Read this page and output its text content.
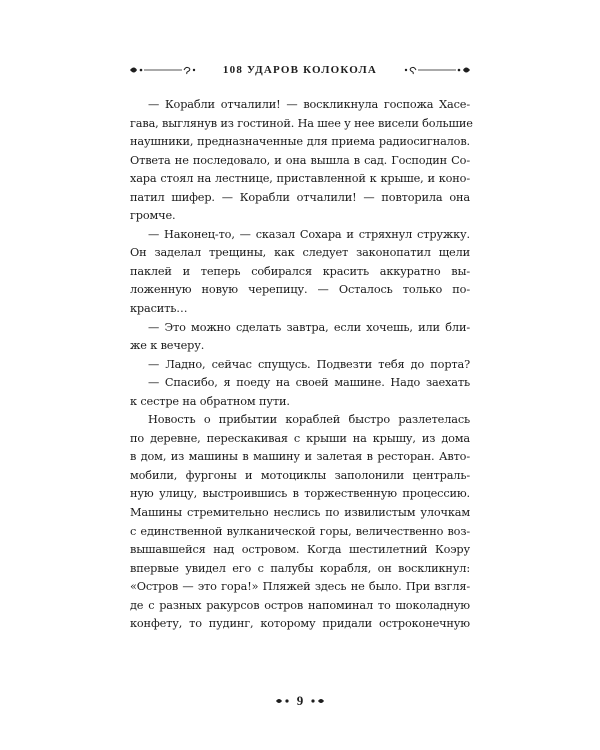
108 УДАРОВ КОЛОКОЛА
— Корабли отчалили! — воскликнула госпожа Хасе-
гава, выглянув из гостиной. На шее у нее висели большие
наушники, предназначенные для приема радиосигналов.
Ответа не последовало, и она вышла в сад. Господин Со-
хара стоял на лестнице, приставленной к крыше, и коно-
патил шифер. — Корабли отчалили! — повторила она
громче.
— Наконец-то, — сказал Сохара и стряхнул стружку.
Он заделал трещины, как следует законопатил щели
паклей и теперь собирался красить аккуратно вы-
ложенную новую черепицу. — Осталось только по-
красить…
— Это можно сделать завтра, если хочешь, или бли-
же к вечеру.
— Ладно, сейчас спущусь. Подвезти тебя до порта?
— Спасибо, я поеду на своей машине. Надо заехать
к сестре на обратном пути.
Новость о прибытии кораблей быстро разлетелась
по деревне, перескакивая с крыши на крышу, из дома
в дом, из машины в машину и залетая в ресторан. Авто-
мобили, фургоны и мотоциклы заполонили централь-
ную улицу, выстроившись в торжественную процессию.
Машины стремительно неслись по извилистым улочкам
с единственной вулканической горы, величественно воз-
вышавшейся над островом. Когда шестилетний Коэру
впервые увидел его с палубы корабля, он воскликнул:
«Остров — это гора!» Пляжей здесь не было. При взгля-
де с разных ракурсов остров напоминал то шоколадную
конфету, то пудинг, которому придали остроконечную
9
